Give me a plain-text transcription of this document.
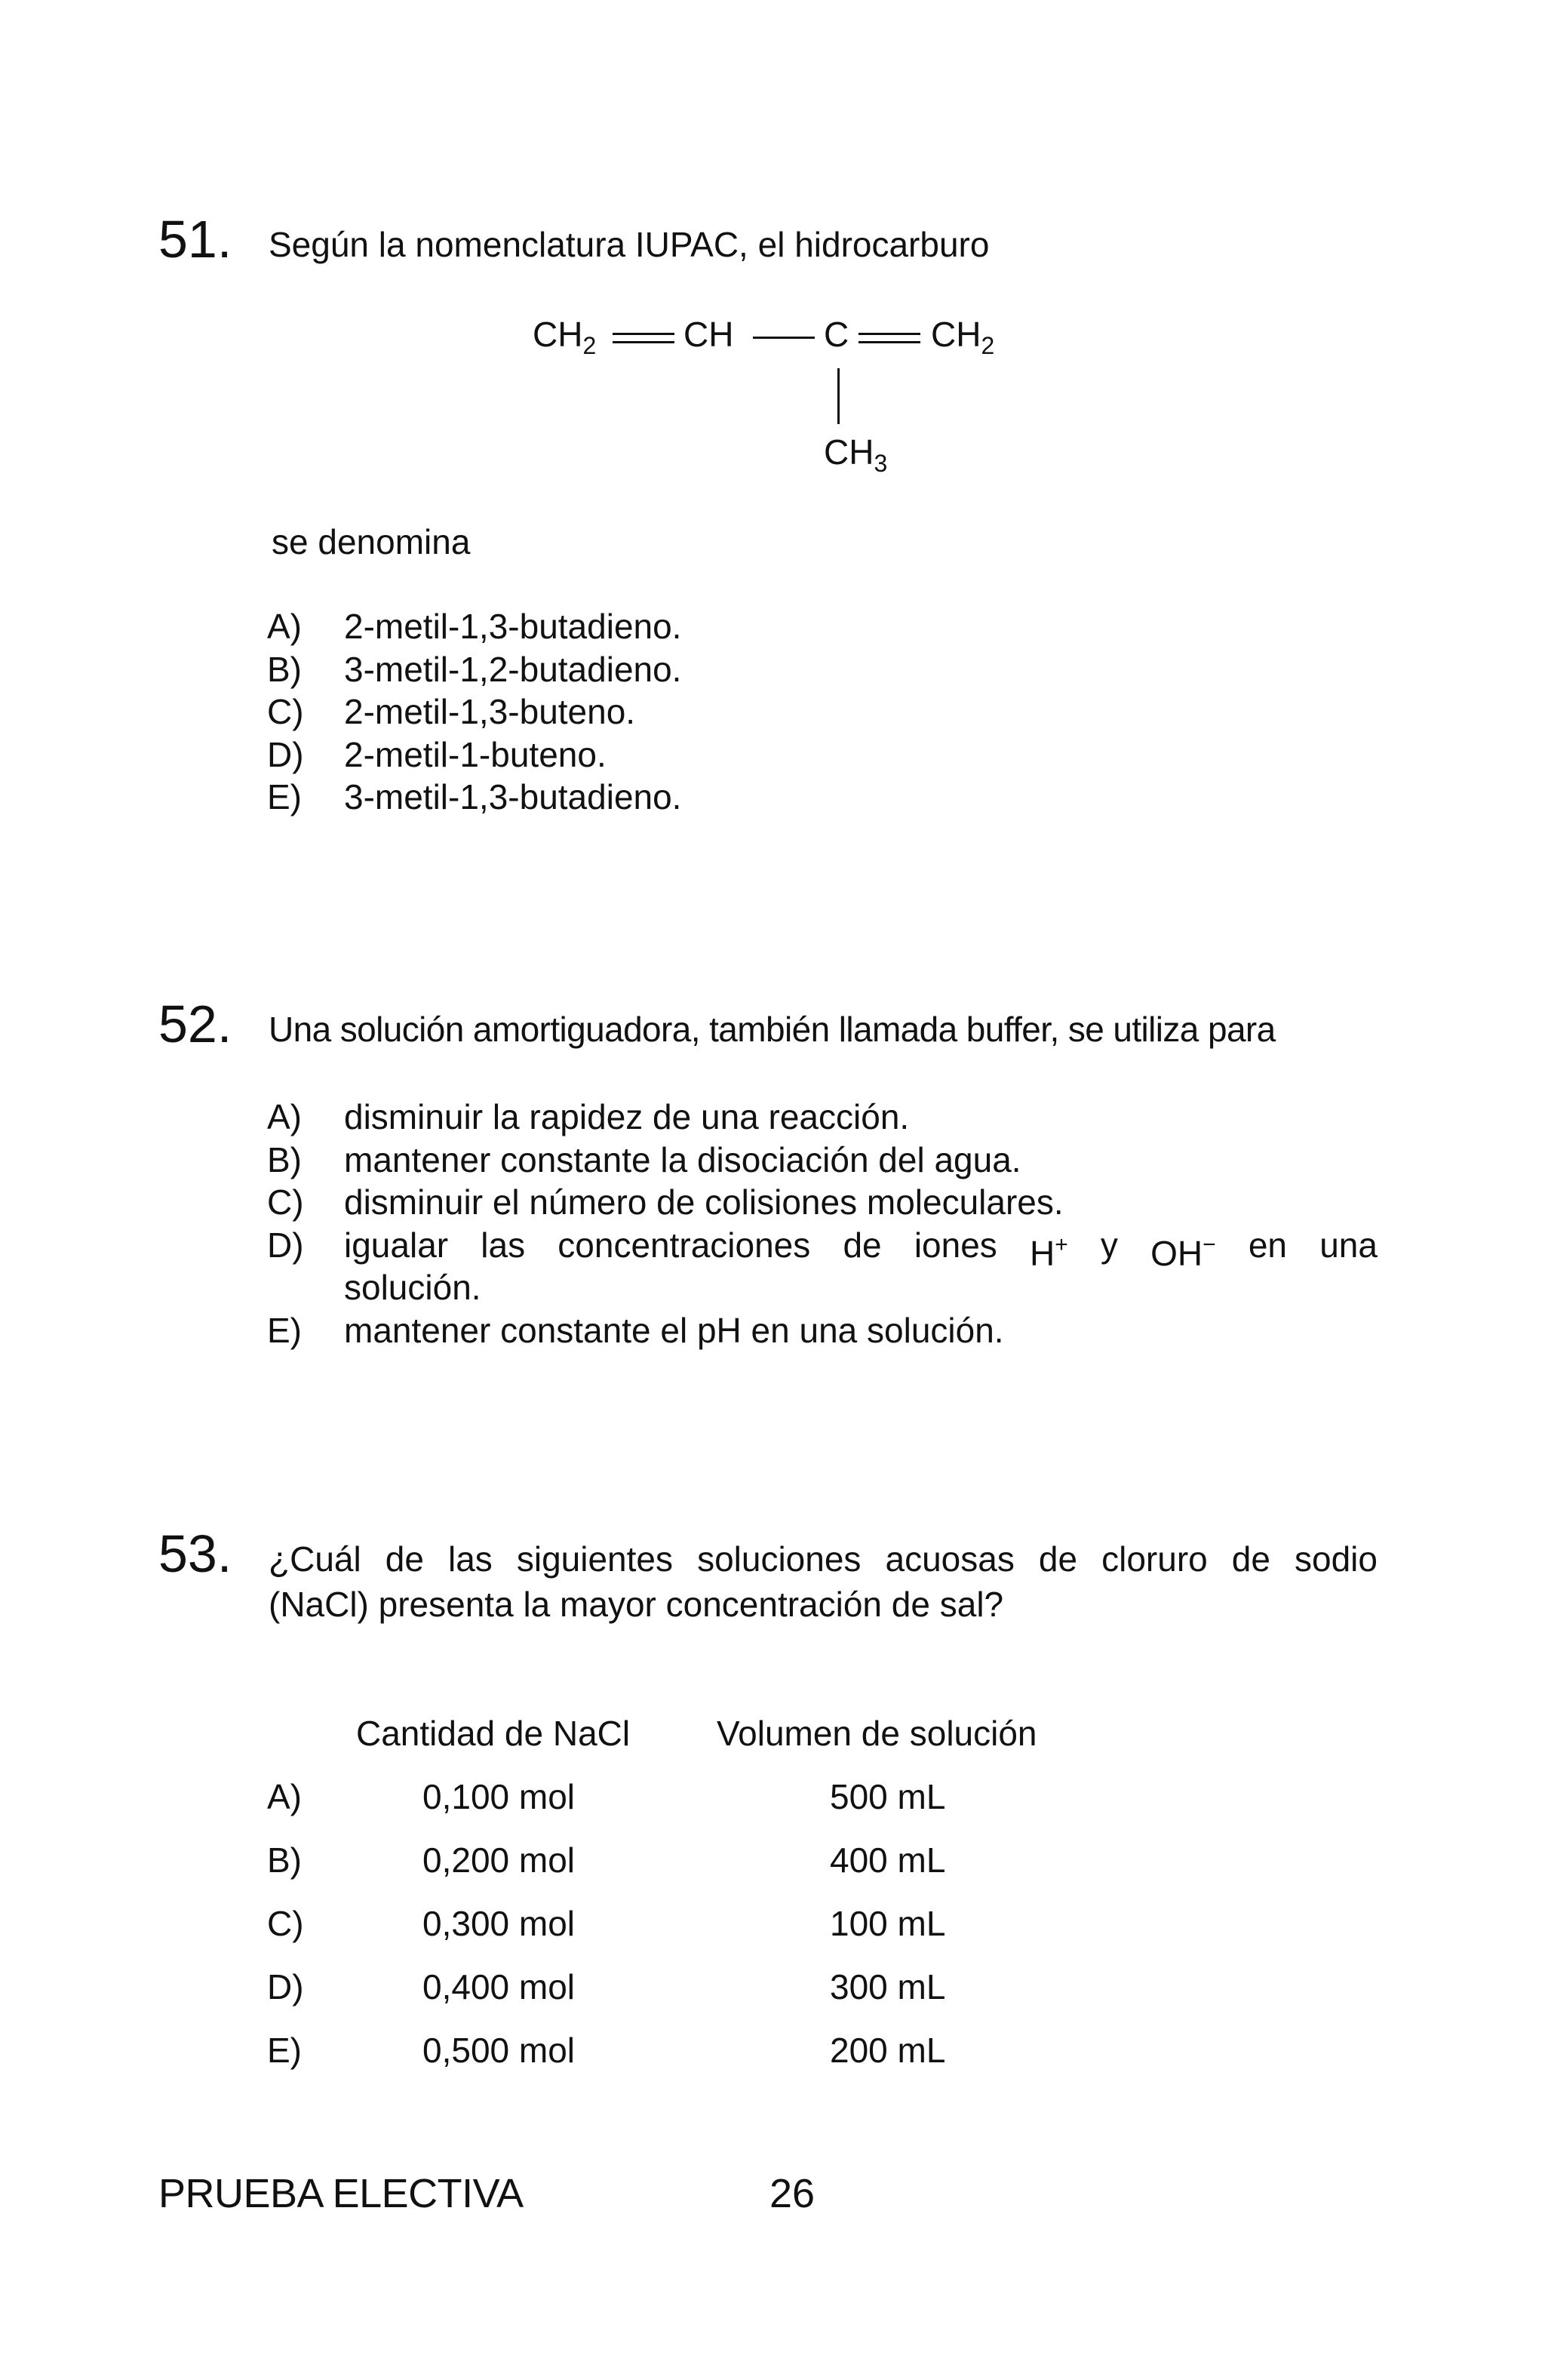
51. Según la nomenclatura IUPAC, el hidrocarburo
$CH_2$	CH	C $CH_2$
$CH_3$
se denomina
A) 2-metil-1,3-butadieno.
B) 3-metil-1,2-butadieno.
C) 2-metil-1,3-buteno.
D) 2-metil-1-buteno.
E) 3-metil-1,3-butadieno.
52. Una solución amortiguadora, también llamada buffer, se utiliza para
A) disminuir la rapidez de una reacción.
B) mantener constante la disociación del agua.
C) disminuir el número de colisiones moleculares.
D) igualar las concentraciones de iones H+ y OH− en una
solución.
E) mantener constante el pH en una solución.
53. ¿Cuál de las siguientes soluciones acuosas de cloruro de sodio
(NaCl) presenta la mayor concentración de sal?
Cantidad de NaCl Volumen de solución
A)	0,100 mol	500 mL
B)	0,200 mol	400 mL
C)	0,300 mol	100 mL
D)	0,400 mol	300 mL
E)	0,500 mol	200 mL
PRUEBA ELECTIVA	26
